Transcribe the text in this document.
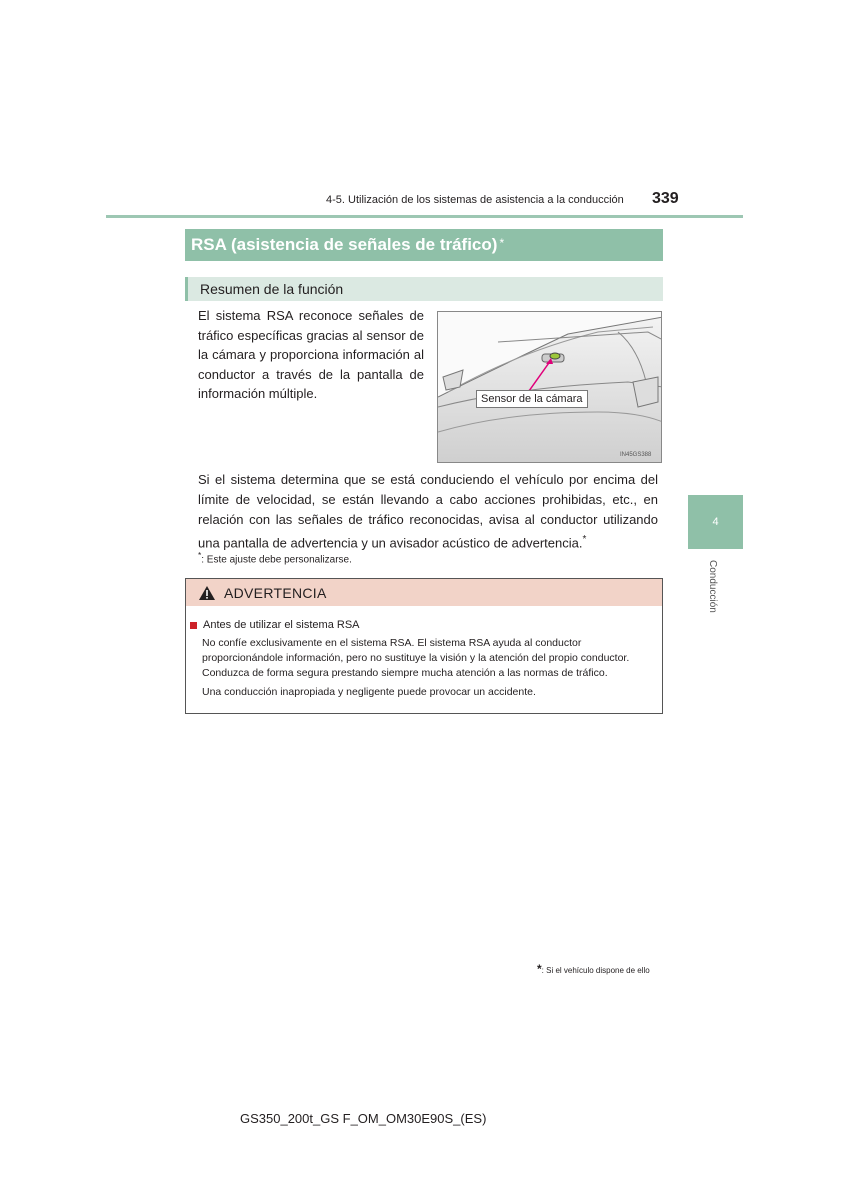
4-5. Utilización de los sistemas de asistencia a la conducción 339
RSA (asistencia de señales de tráfico)*
Resumen de la función
El sistema RSA reconoce señales de tráfico específicas gracias al sensor de la cámara y proporciona información al conductor a través de la pantalla de información múltiple.	Sensor de la cámara
IN45GS388
Si el sistema determina que se está conduciendo el vehículo por encima del límite de velocidad, se están llevando a cabo acciones prohibidas, etc., en relación con las señales de tráfico reconocidas, avisa al conductor utilizando una pantalla de advertencia y un avisador acústico de advertencia.*
*: Este ajuste debe personalizarse.
4
Conducción
ADVERTENCIA
Antes de utilizar el sistema RSA

No confíe exclusivamente en el sistema RSA. El sistema RSA ayuda al conductor proporcionándole información, pero no sustituye la visión y la atención del propio conductor. Conduzca de forma segura prestando siempre mucha atención a las normas de tráfico.

Una conducción inapropiada y negligente puede provocar un accidente.

*: Si el vehículo dispone de ello
GS350_200t_GS F_OM_OM30E90S_(ES)
